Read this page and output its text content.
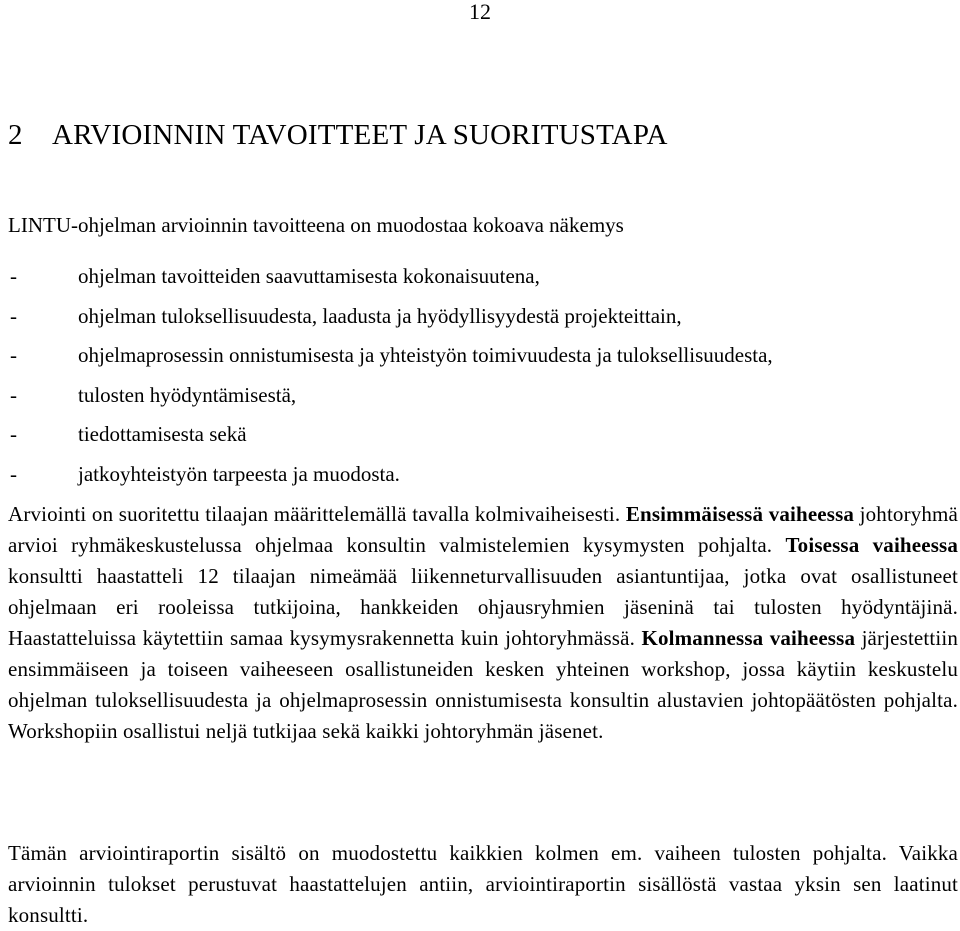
12
2 ARVIOINNIN TAVOITTEET JA SUORITUSTAPA

LINTU-ohjelman arvioinnin tavoitteena on muodostaa kokoava näkemys

-	ohjelman tavoitteiden saavuttamisesta kokonaisuutena,
-	ohjelman tuloksellisuudesta, laadusta ja hyödyllisyydestä projekteittain,
-	ohjelmaprosessin onnistumisesta ja yhteistyön toimivuudesta ja tuloksellisuudesta,
-	tulosten hyödyntämisestä,
-	tiedottamisesta sekä
-	jatkoyhteistyön tarpeesta ja muodosta.

Arviointi on suoritettu tilaajan määrittelemällä tavalla kolmivaiheisesti. Ensimmäisessä vaiheessa johtoryhmä arvioi ryhmäkeskustelussa ohjelmaa konsultin valmistelemien kysymysten pohjalta. Toisessa vaiheessa konsultti haastatteli 12 tilaajan nimeämää liikenneturvallisuuden asiantuntijaa, jotka ovat osallistuneet ohjelmaan eri rooleissa tutkijoina, hankkeiden ohjausryhmien jäseninä tai tulosten hyödyntäjinä. Haastatteluissa käytettiin samaa kysymysrakennetta kuin johtoryhmässä. Kolmannessa vaiheessa järjestettiin ensimmäiseen ja toiseen vaiheeseen osallistuneiden kesken yhteinen workshop, jossa käytiin keskustelu ohjelman tuloksellisuudesta ja ohjelmaprosessin onnistumisesta konsultin alustavien johtopäätösten pohjalta. Workshopiin osallistui neljä tutkijaa sekä kaikki johtoryhmän jäsenet.

Tämän arviointiraportin sisältö on muodostettu kaikkien kolmen em. vaiheen tulosten pohjalta. Vaikka arvioinnin tulokset perustuvat haastattelujen antiin, arviointiraportin sisällöstä vastaa yksin sen laatinut konsultti.
